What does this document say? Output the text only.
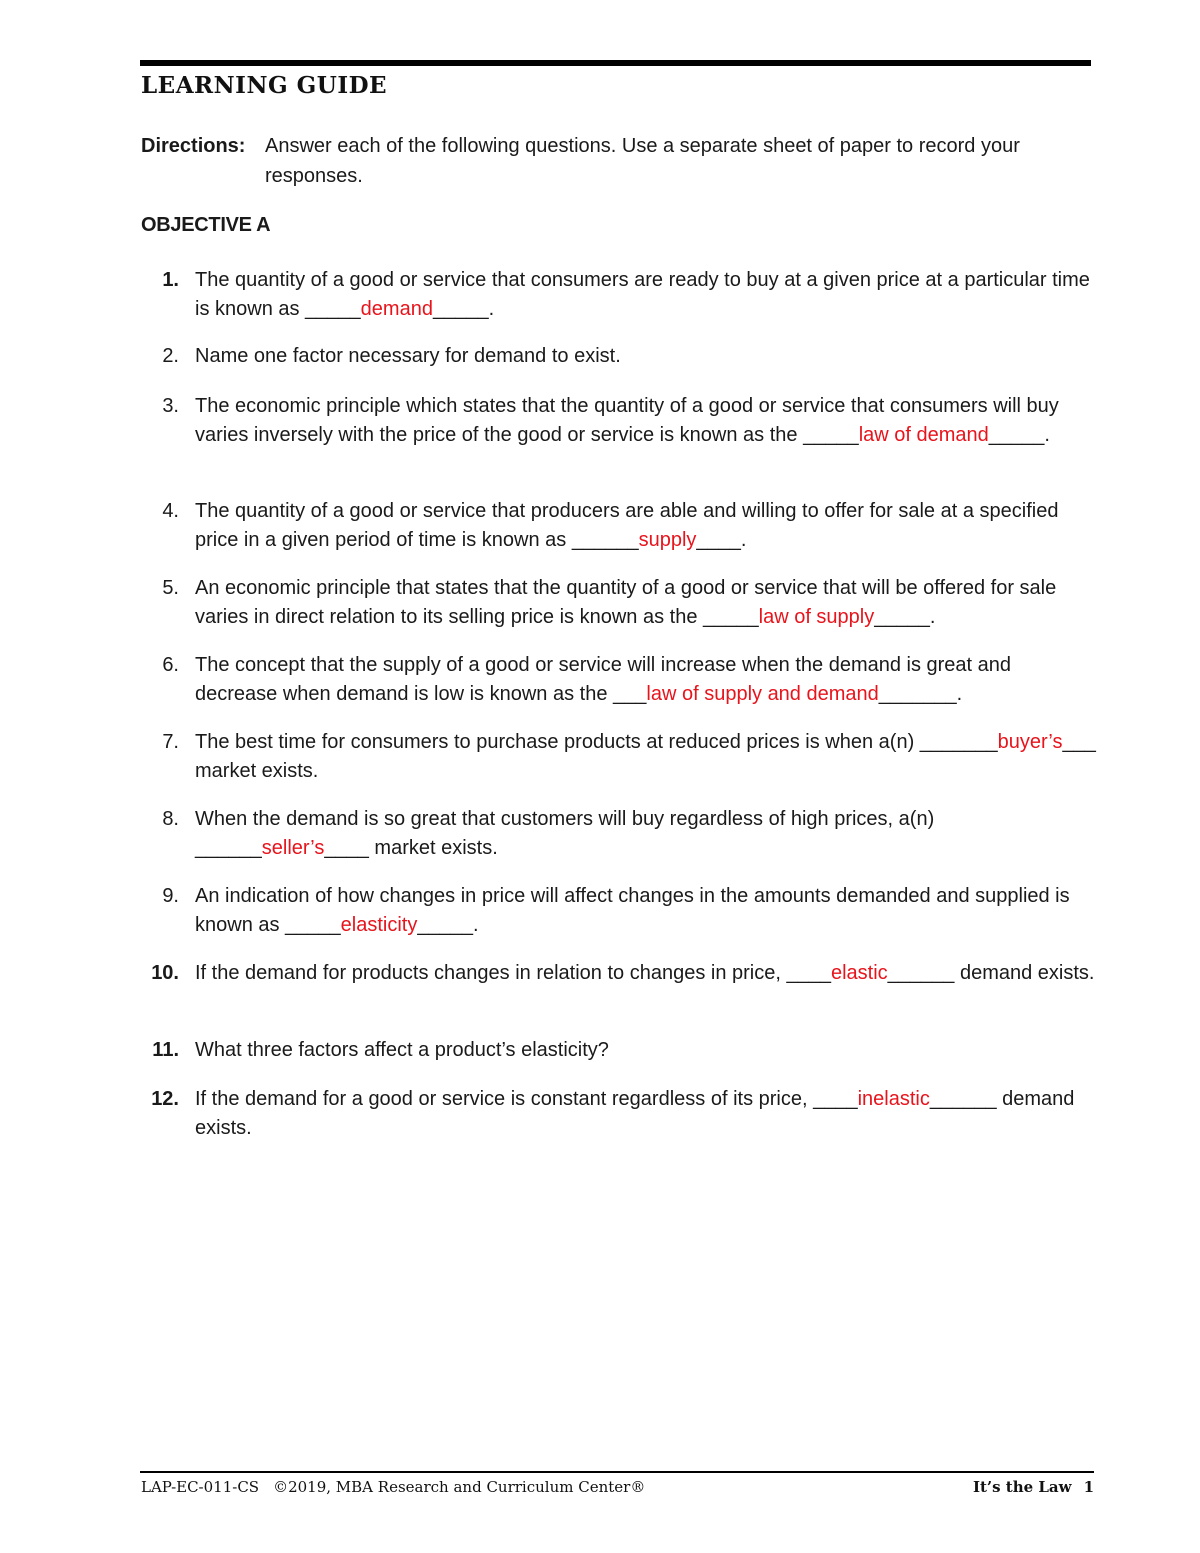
LEARNING GUIDE
Directions: Answer each of the following questions. Use a separate sheet of paper to record your responses.
OBJECTIVE A
1. The quantity of a good or service that consumers are ready to buy at a given price at a particular time is known as _____demand_____.
2. Name one factor necessary for demand to exist.
3. The economic principle which states that the quantity of a good or service that consumers will buy varies inversely with the price of the good or service is known as the _____law of demand_____.
4. The quantity of a good or service that producers are able and willing to offer for sale at a specified price in a given period of time is known as ______supply____.
5. An economic principle that states that the quantity of a good or service that will be offered for sale varies in direct relation to its selling price is known as the _____law of supply_____.
6. The concept that the supply of a good or service will increase when the demand is great and decrease when demand is low is known as the ___law of supply and demand_______.
7. The best time for consumers to purchase products at reduced prices is when a(n) _______buyer’s___ market exists.
8. When the demand is so great that customers will buy regardless of high prices, a(n) ______seller’s____ market exists.
9. An indication of how changes in price will affect changes in the amounts demanded and supplied is known as _____elasticity_____.
10. If the demand for products changes in relation to changes in price, ____elastic______ demand exists.
11. What three factors affect a product’s elasticity?
12. If the demand for a good or service is constant regardless of its price, ____inelastic______ demand
exists.
LAP-EC-011-CS ©2019, MBA Research and Curriculum Center®	It’s the Law 1
